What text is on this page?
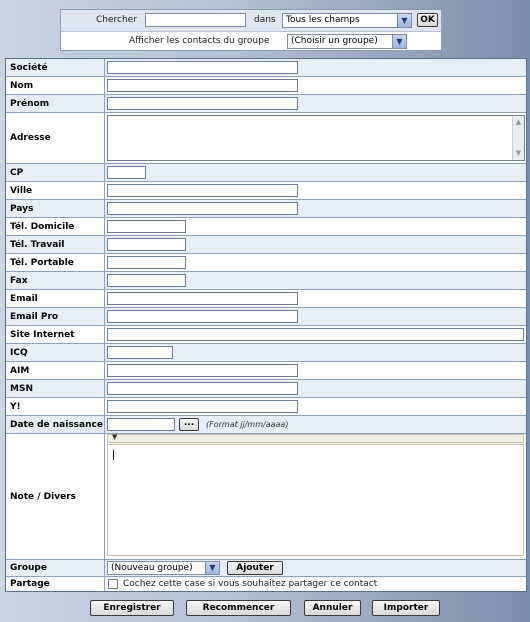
Chercher	dans	Tous les champs	▼	OK
Afficher les contacts du groupe	(Choisir un groupe)	▼
Société
Nom
Prénom
Adresse
▲
▼
CP
Ville
Pays
Tél. Domicile
Tél. Travail
Tél. Portable
Fax
Email
Email Pro
Site Internet
ICQ
AIM
MSN
Y!
Date de naissance	...	(Format jj/mm/aaaa)
Note / Divers
▼
Groupe	(Nouveau groupe)	▼	Ajouter
Partage	Cochez cette case si vous souhaitez partager ce contact
Enregistrer	Recommencer	Annuler	Importer
